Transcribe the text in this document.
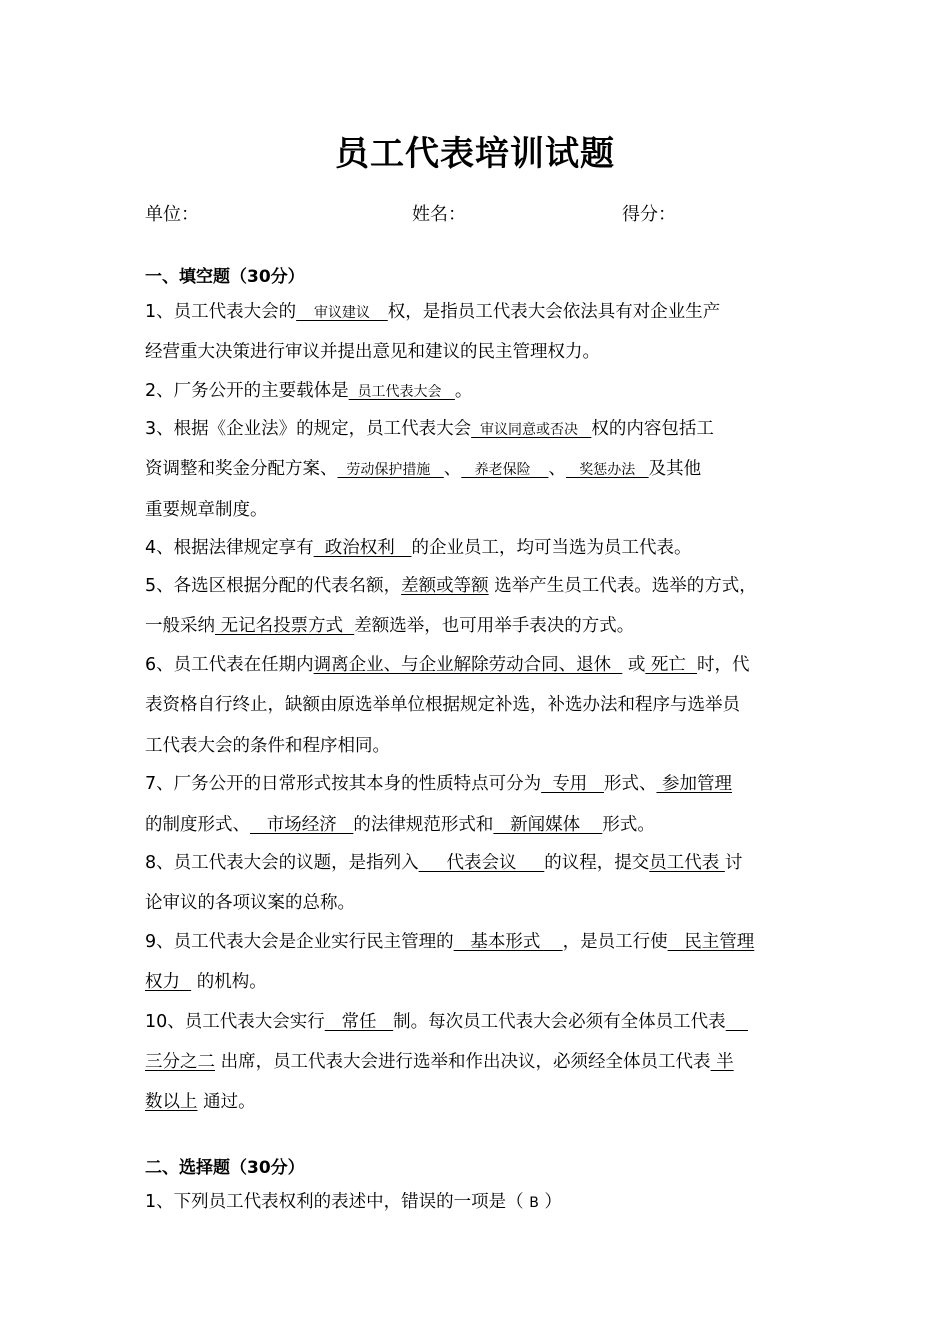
员工代表培训试题
单位：	姓名：	得分：
一、填空题（30分）
1、员工代表大会的    审议建议    权，是指员工代表大会依法具有对企业生产
经营重大决策进行审议并提出意见和建议的民主管理权力。
2、厂务公开的主要载体是  员工代表大会   。
3、根据《企业法》的规定，员工代表大会  审议同意或否决   权的内容包括工
资调整和奖金分配方案、  劳动保护措施   、   养老保险    、   奖惩办法   及其他
重要规章制度。
4、根据法律规定享有  政治权利   的企业员工，均可当选为员工代表。
5、各选区根据分配的代表名额，差额或等额 选举产生员工代表。选举的方式，
一般采纳 无记名投票方式  差额选举，也可用举手表决的方式。
6、员工代表在任期内调离企业、与企业解除劳动合同、退休   或 死亡  时，代
表资格自行终止，缺额由原选举单位根据规定补选，补选办法和程序与选举员
工代表大会的条件和程序相同。
7、厂务公开的日常形式按其本身的性质特点可分为  专用   形式、 参加管理
的制度形式、   市场经济   的法律规范形式和   新闻媒体    形式。
8、员工代表大会的议题，是指列入     代表会议     的议程，提交员工代表 讨
论审议的各项议案的总称。
9、员工代表大会是企业实行民主管理的   基本形式    ，是员工行使   民主管理
权力   的机构。
10、员工代表大会实行   常任   制。每次员工代表大会必须有全体员工代表
三分之二 出席，员工代表大会进行选举和作出决议，必须经全体员工代表 半
数以上 通过。
二、选择题（30分）
1、下列员工代表权利的表述中，错误的一项是（ B ）
